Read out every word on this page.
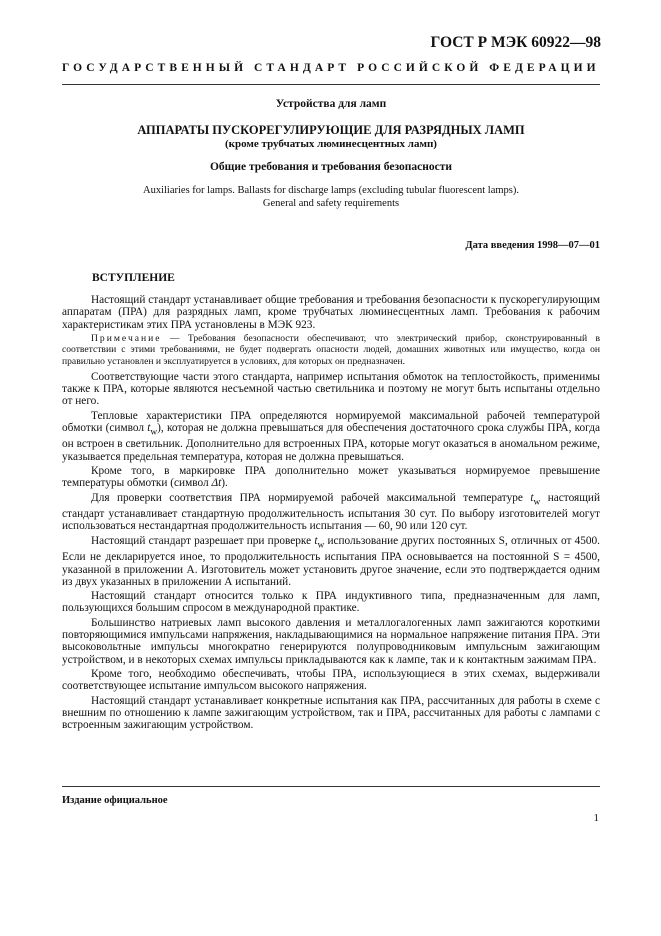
ГОСТ Р МЭК 60922—98
ГОСУДАРСТВЕННЫЙ СТАНДАРТ РОССИЙСКОЙ ФЕДЕРАЦИИ
Устройства для ламп
АППАРАТЫ ПУСКОРЕГУЛИРУЮЩИЕ ДЛЯ РАЗРЯДНЫХ ЛАМП
(кроме трубчатых люминесцентных ламп)
Общие требования и требования безопасности
Auxiliaries for lamps. Ballasts for discharge lamps (excluding tubular fluorescent lamps).
General and safety requirements
Дата введения 1998—07—01
ВСТУПЛЕНИЕ

Настоящий стандарт устанавливает общие требования и требования безопасности к пускорегулирующим аппаратам (ПРА) для разрядных ламп, кроме трубчатых люминесцентных ламп. Требования к рабочим характеристикам этих ПРА установлены в МЭК 923.

Примечание — Требования безопасности обеспечивают, что электрический прибор, сконструированный в соответствии с этими требованиями, не будет подвергать опасности людей, домашних животных или имущество, когда он правильно установлен и эксплуатируется в условиях, для которых он предназначен.

Соответствующие части этого стандарта, например испытания обмоток на теплостойкость, применимы также к ПРА, которые являются несъемной частью светильника и поэтому не могут быть испытаны отдельно от него.

Тепловые характеристики ПРА определяются нормируемой максимальной рабочей температурой обмотки (символ $t_w$), которая не должна превышаться для обеспечения достаточного срока службы ПРА, когда он встроен в светильник. Дополнительно для встроенных ПРА, которые могут оказаться в аномальном режиме, указывается предельная температура, которая не должна превышаться.

Кроме того, в маркировке ПРА дополнительно может указываться нормируемое превышение температуры обмотки (символ Δt).

Для проверки соответствия ПРА нормируемой рабочей максимальной температуре $t_w$ настоящий стандарт устанавливает стандартную продолжительность испытания 30 сут. По выбору изготовителей могут использоваться нестандартная продолжительность испытания — 60, 90 или 120 сут.

Настоящий стандарт разрешает при проверке $t_w$ использование других постоянных S, отличных от 4500. Если не декларируется иное, то продолжительность испытания ПРА основывается на постоянной S = 4500, указанной в приложении А. Изготовитель может установить другое значение, если это подтверждается одним из двух указанных в приложении А испытаний.

Настоящий стандарт относится только к ПРА индуктивного типа, предназначенным для ламп, пользующихся большим спросом в международной практике.

Большинство натриевых ламп высокого давления и металлогалогенных ламп зажигаются короткими повторяющимися импульсами напряжения, накладывающимися на нормальное напряжение питания ПРА. Эти высоковольтные импульсы многократно генерируются полупроводниковым импульсным зажигающим устройством, и в некоторых схемах импульсы прикладываются как к лампе, так и к контактным зажимам ПРА.

Кроме того, необходимо обеспечивать, чтобы ПРА, использующиеся в этих схемах, выдерживали соответствующее испытание импульсом высокого напряжения.

Настоящий стандарт устанавливает конкретные испытания как ПРА, рассчитанных для работы в схеме с внешним по отношению к лампе зажигающим устройством, так и ПРА, рассчитанных для работы с лампами с встроенным зажигающим устройством.

Издание официальное
1
